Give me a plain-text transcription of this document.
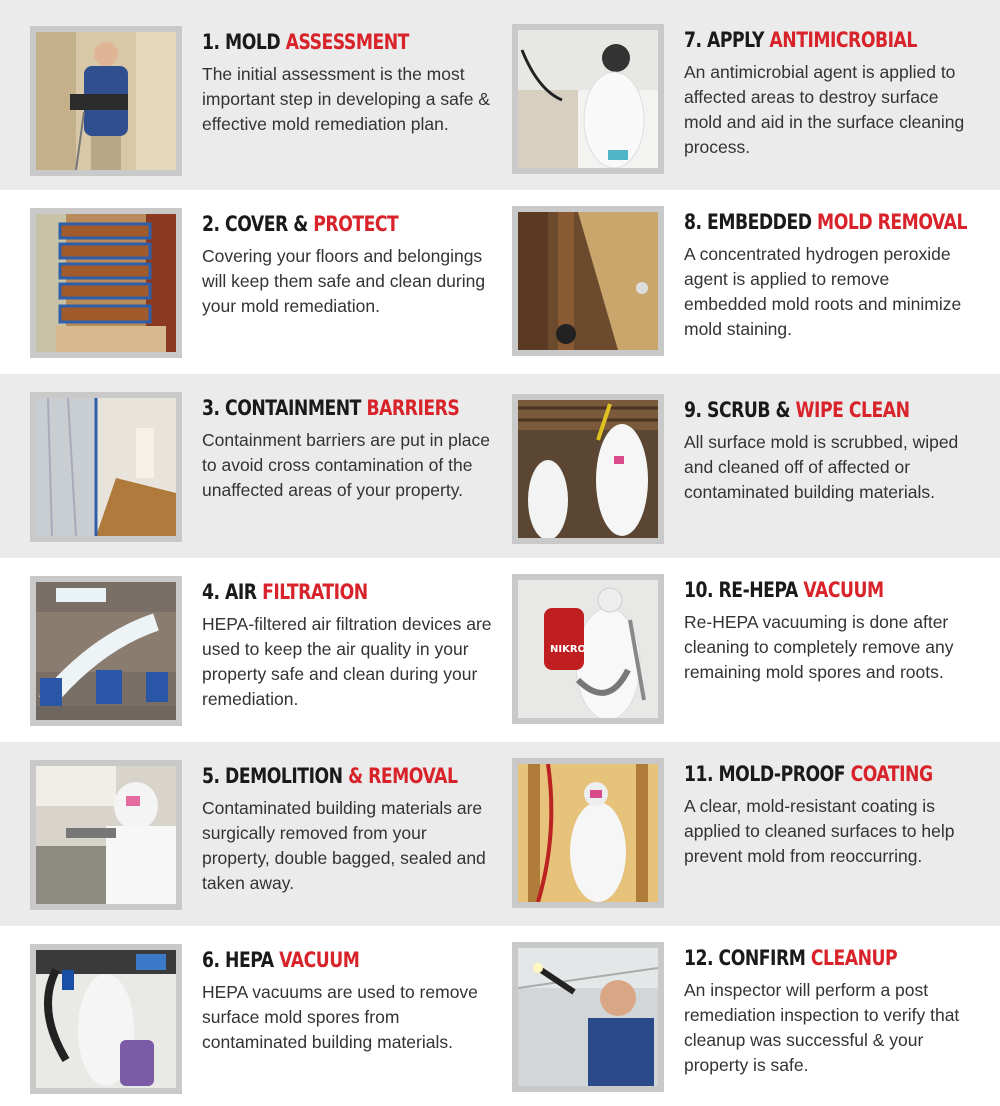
1. MOLD ASSESSMENT
The initial assessment is the most important step in developing a safe & effective mold remediation plan.
2. COVER & PROTECT
Covering your floors and belongings will keep them safe and clean during your mold remediation.
3. CONTAINMENT BARRIERS
Containment barriers are put in place to avoid cross contamination of the unaffected areas of your property.
4. AIR FILTRATION
HEPA-filtered air filtration devices are used to keep the air quality in your property safe and clean during your remediation.
5. DEMOLITION & REMOVAL
Contaminated building materials are surgically removed from your property, double bagged, sealed and taken away.
6. HEPA VACUUM
HEPA vacuums are used to remove surface mold spores from contaminated building materials.
7. APPLY ANTIMICROBIAL
An antimicrobial agent is applied to affected areas to destroy surface mold and aid in the surface cleaning process.
8. EMBEDDED MOLD REMOVAL
A concentrated hydrogen peroxide agent is applied to remove embedded mold roots and minimize mold staining.
9. SCRUB & WIPE CLEAN
All surface mold is scrubbed, wiped and cleaned off of affected or contaminated building materials.
NIKRO
10. RE-HEPA VACUUM
Re-HEPA vacuuming is done after cleaning to completely remove any remaining mold spores and roots.
11. MOLD-PROOF COATING
A clear, mold-resistant coating is applied to cleaned surfaces to help prevent mold from reoccurring.
12. CONFIRM CLEANUP
An inspector will perform a post remediation inspection to verify that cleanup was successful & your property is safe.
